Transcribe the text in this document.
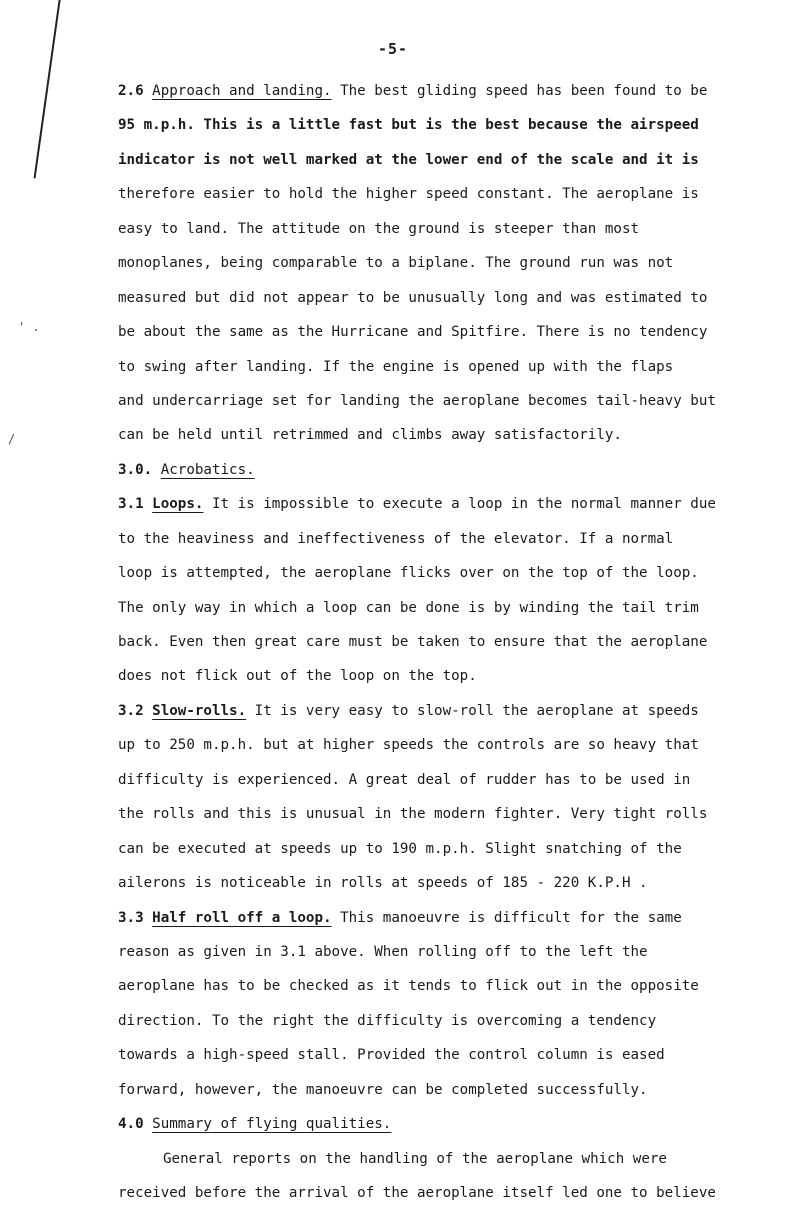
' .
/
-5-
2.6 Approach and landing. The best gliding speed has been found to be
95 m.p.h. This is a little fast but is the best because the airspeed
indicator is not well marked at the lower end of the scale and it is
therefore easier to hold the higher speed constant. The aeroplane is
easy to land. The attitude on the ground is steeper than most
monoplanes, being comparable to a biplane. The ground run was not
measured but did not appear to be unusually long and was estimated to
be about the same as the Hurricane and Spitfire. There is no tendency
to swing after landing. If the engine is opened up with the flaps
and undercarriage set for landing the aeroplane becomes tail-heavy but
can be held until retrimmed and climbs away satisfactorily.
3.0. Acrobatics.
3.1 Loops. It is impossible to execute a loop in the normal manner due
to the heaviness and ineffectiveness of the elevator. If a normal
loop is attempted, the aeroplane flicks over on the top of the loop.
The only way in which a loop can be done is by winding the tail trim
back. Even then great care must be taken to ensure that the aeroplane
does not flick out of the loop on the top.
3.2 Slow-rolls. It is very easy to slow-roll the aeroplane at speeds
up to 250 m.p.h. but at higher speeds the controls are so heavy that
difficulty is experienced. A great deal of rudder has to be used in
the rolls and this is unusual in the modern fighter. Very tight rolls
can be executed at speeds up to 190 m.p.h. Slight snatching of the
ailerons is noticeable in rolls at speeds of 185 - 220 K.P.H .
3.3 Half roll off a loop. This manoeuvre is difficult for the same
reason as given in 3.1 above. When rolling off to the left the
aeroplane has to be checked as it tends to flick out in the opposite
direction. To the right the difficulty is overcoming a tendency
towards a high-speed stall. Provided the control column is eased
forward, however, the manoeuvre can be completed successfully.
4.0 Summary of flying qualities.
General reports on the handling of the aeroplane which were
received before the arrival of the aeroplane itself led one to believe
